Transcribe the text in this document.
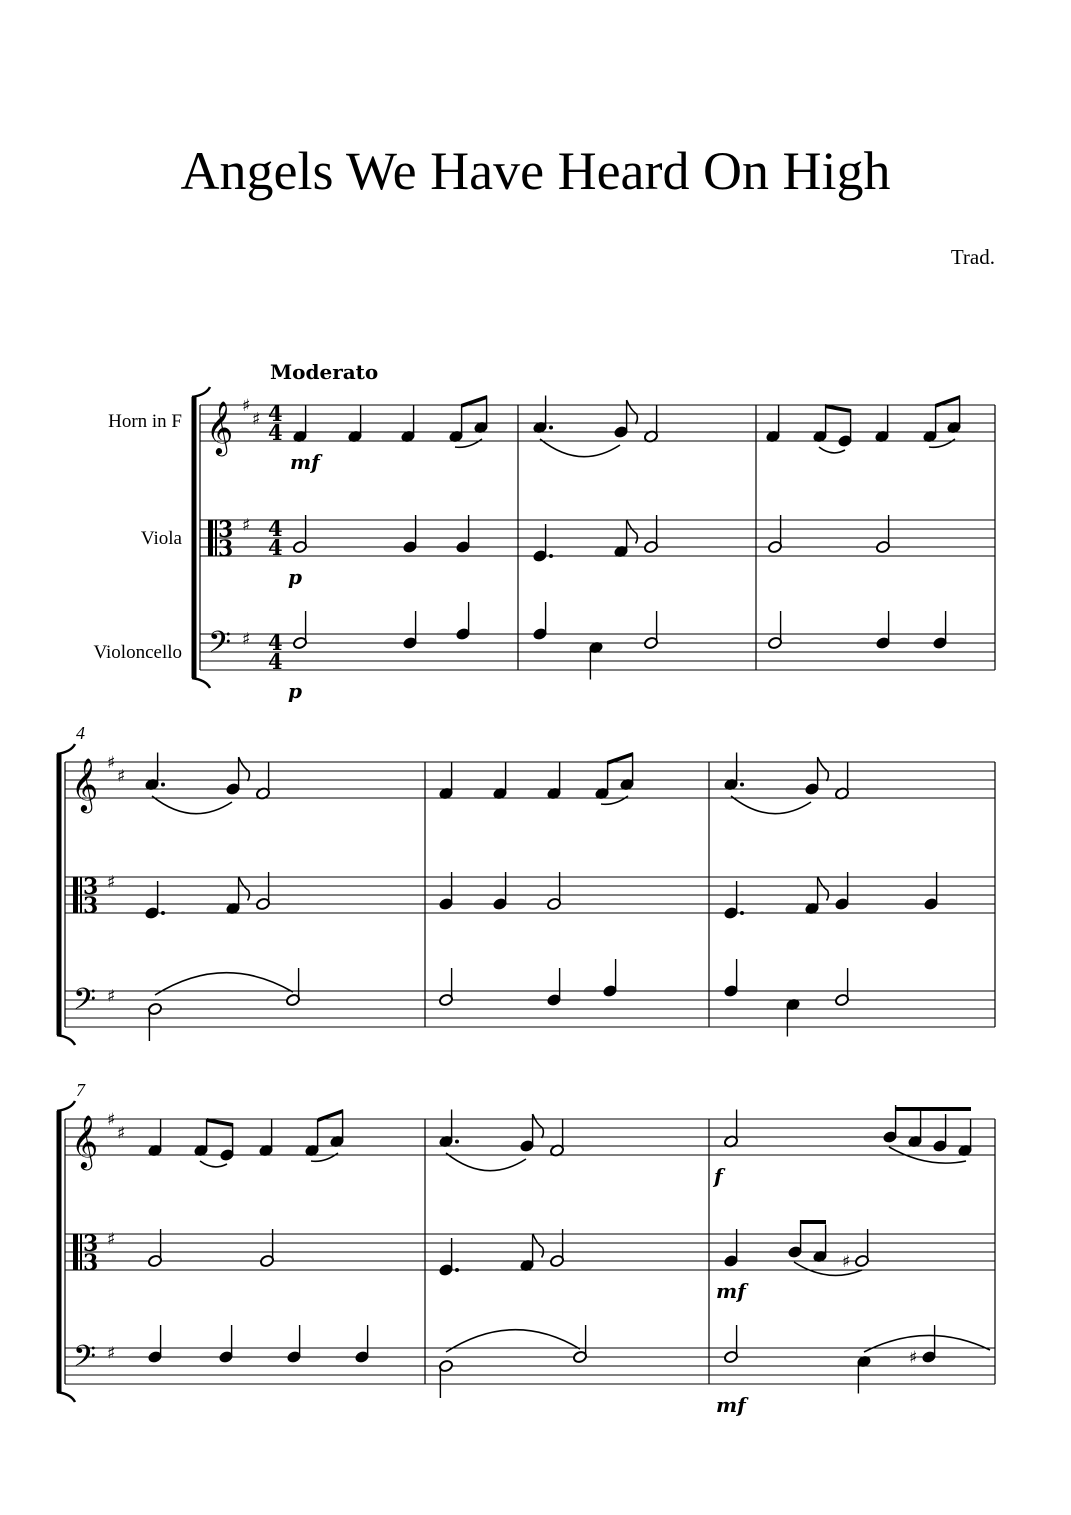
Angels We Have Heard On High
Trad.
Moderato
Horn in F
Viola
Violoncello
4
7
𝄞
3
3
𝄢
♯
♯
♯
♯
4
4
4
4
4
4
𝄞
3
3
𝄢
♯
♯
♯
♯
𝄞
3
3
𝄢
♯
♯
♯
♯
mf
p
p
f
♯
mf
♯
mf
